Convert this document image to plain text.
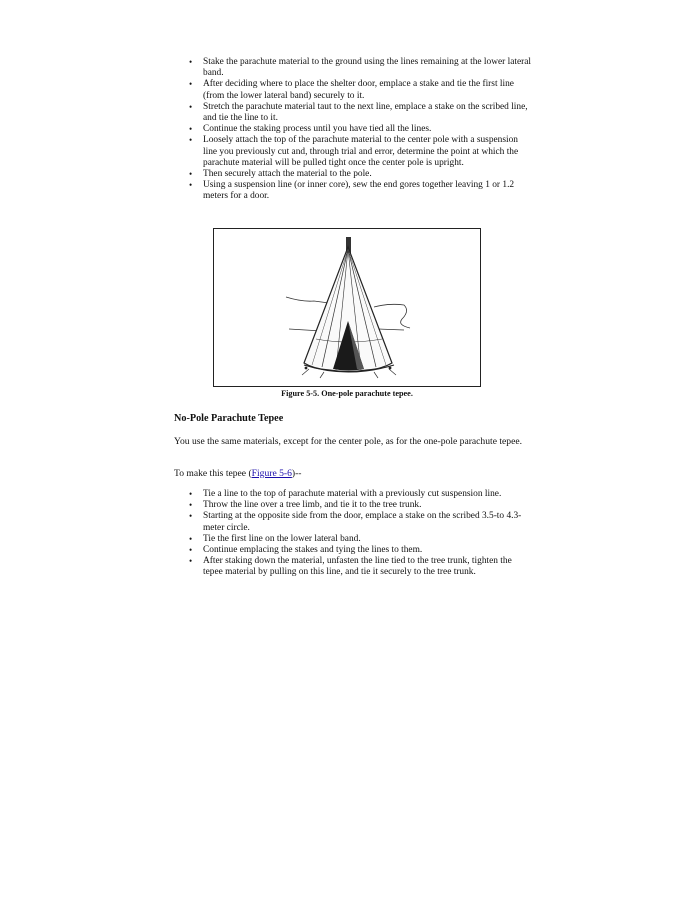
• Stake the parachute material to the ground using the lines remaining at the lower lateral band.
• After deciding where to place the shelter door, emplace a stake and tie the first line (from the lower lateral band) securely to it.
• Stretch the parachute material taut to the next line, emplace a stake on the scribed line, and tie the line to it.
• Continue the staking process until you have tied all the lines.
• Loosely attach the top of the parachute material to the center pole with a suspension line you previously cut and, through trial and error, determine the point at which the parachute material will be pulled tight once the center pole is upright.
• Then securely attach the material to the pole.
• Using a suspension line (or inner core), sew the end gores together leaving 1 or 1.2 meters for a door.
Figure 5-5. One-pole parachute tepee.
No-Pole Parachute Tepee

You use the same materials, except for the center pole, as for the one-pole parachute tepee.

To make this tepee (Figure 5-6)--

• Tie a line to the top of parachute material with a previously cut suspension line.
• Throw the line over a tree limb, and tie it to the tree trunk.
• Starting at the opposite side from the door, emplace a stake on the scribed 3.5-to 4.3-meter circle.
• Tie the first line on the lower lateral band.
• Continue emplacing the stakes and tying the lines to them.
• After staking down the material, unfasten the line tied to the tree trunk, tighten the tepee material by pulling on this line, and tie it securely to the tree trunk.
